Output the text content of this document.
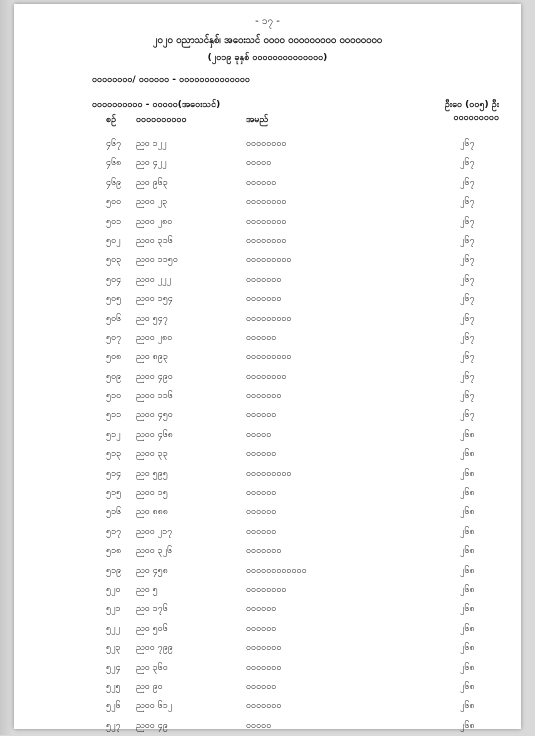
- ၁၇ -
၂၀၂၀ ဝညာသင်နှစ်၊ အဝေးသင် ဝဝဝဝ ဝဝဝဝဝဝဝဝဝ ဝဝဝဝဝဝဝဝ
(၂၀၁၉ ခုနှစ် ဝဝဝဝဝဝဝဝဝဝဝဝဝဝ)
ဝဝဝဝဝဝဝဝ/ ဝဝဝဝဝဝ - ဝဝဝဝဝဝဝဝဝဝဝဝဝဝ
ဝဝဝဝဝဝဝဝဝဝ - ဝဝဝဝဝ(အဝေးသင်)	ဦးဝေ (၀၀၅) ဦး
စဉ် ဝဝဝဝဝဝဝဝဝဝ	အမည်	ဝဝဝဝဝဝဝဝဝ
၄၆၇ ညဝ ၁၂၂	ဝဝဝဝဝဝဝဝ	၂၆၇
၄၆၈ ညဝ ၄၂၂	ဝဝဝဝဝ	၂၆၇
၄၆၉ ညဝ ၉၆၃	ဝဝဝဝဝဝ	၂၆၇
၅၀၀ ညဝဝ ၂၃	ဝဝဝဝဝဝဝဝ	၂၆၇
၅၀၁ ညဝဝ ၂၈၀	ဝဝဝဝဝဝဝဝ	၂၆၇
၅၀၂ ညဝဝ ၃၁၆	ဝဝဝဝဝဝဝဝ	၂၆၇
၅၀၃ ညဝဝ ၁၁၅၀	ဝဝဝဝဝဝဝဝဝ	၂၆၇
၅၀၄ ညဝဝ ၂၂၂	ဝဝဝဝဝဝဝ	၂၆၇
၅၀၅ ညဝဝ ၁၅၄	ဝဝဝဝဝဝဝ	၂၆၇
၅၀၆ ညဝ ၅၄၇	ဝဝဝဝဝဝဝဝဝ	၂၆၇
၅၀၇ ညဝဝ ၂၈၀	ဝဝဝဝဝဝ	၂၆၇
၅၀၈ ညဝ ၈၉၃	ဝဝဝဝဝဝဝဝဝ	၂၆၇
၅၀၉ ညဝဝ ၄၉၀	ဝဝဝဝဝဝဝဝ	၂၆၇
၅၁၀ ညဝဝ ၁၁၆	ဝဝဝဝဝဝဝ	၂၆၇
၅၁၁ ညဝဝ ၄၅၀	ဝဝဝဝဝဝ	၂၆၇
၅၁၂ ညဝဝ ၄၆၈	ဝဝဝဝဝ	၂၆၈
၅၁၃ ညဝဝ ၃၃	ဝဝဝဝဝဝ	၂၆၈
၅၁၄ ညဝ ၅၉၅	ဝဝဝဝဝဝဝဝဝ	၂၆၈
၅၁၅ ညဝဝ ၁၅	ဝဝဝဝဝဝ	၂၆၈
၅၁၆ ညဝ ၈၈၈	ဝဝဝဝဝဝ	၂၆၈
၅၁၇ ညဝဝ ၂၁၇	ဝဝဝဝဝဝ	၂၆၈
၅၁၈ ညဝဝ ၃၂၆	ဝဝဝဝဝဝဝ	၂၆၈
၅၁၉ ညဝ ၄၅၈	ဝဝဝဝဝဝဝဝဝဝဝဝ	၂၆၈
၅၂၀ ညဝ ၅	ဝဝဝဝဝဝဝဝ	၂၆၈
၅၂၁ ညဝ ၁၇၆	ဝဝဝဝဝဝ	၂၆၈
၅၂၂ ညဝ ၅၀၆	ဝဝဝဝဝဝ	၂၆၈
၅၂၃ ညဝဝ ၇၉၉	ဝဝဝဝဝဝဝ	၂၆၈
၅၂၄ ညဝ ၃၆၀	ဝဝဝဝဝဝဝ	၂၆၈
၅၂၅ ညဝ ၉၀	ဝဝဝဝဝဝ	၂၆၈
၅၂၆ ညဝဝ ၆၁၂	ဝဝဝဝဝဝဝ	၂၆၈
၅၂၇ ညဝဝ ၄၉	ဝဝဝဝဝ	၂၆၈
